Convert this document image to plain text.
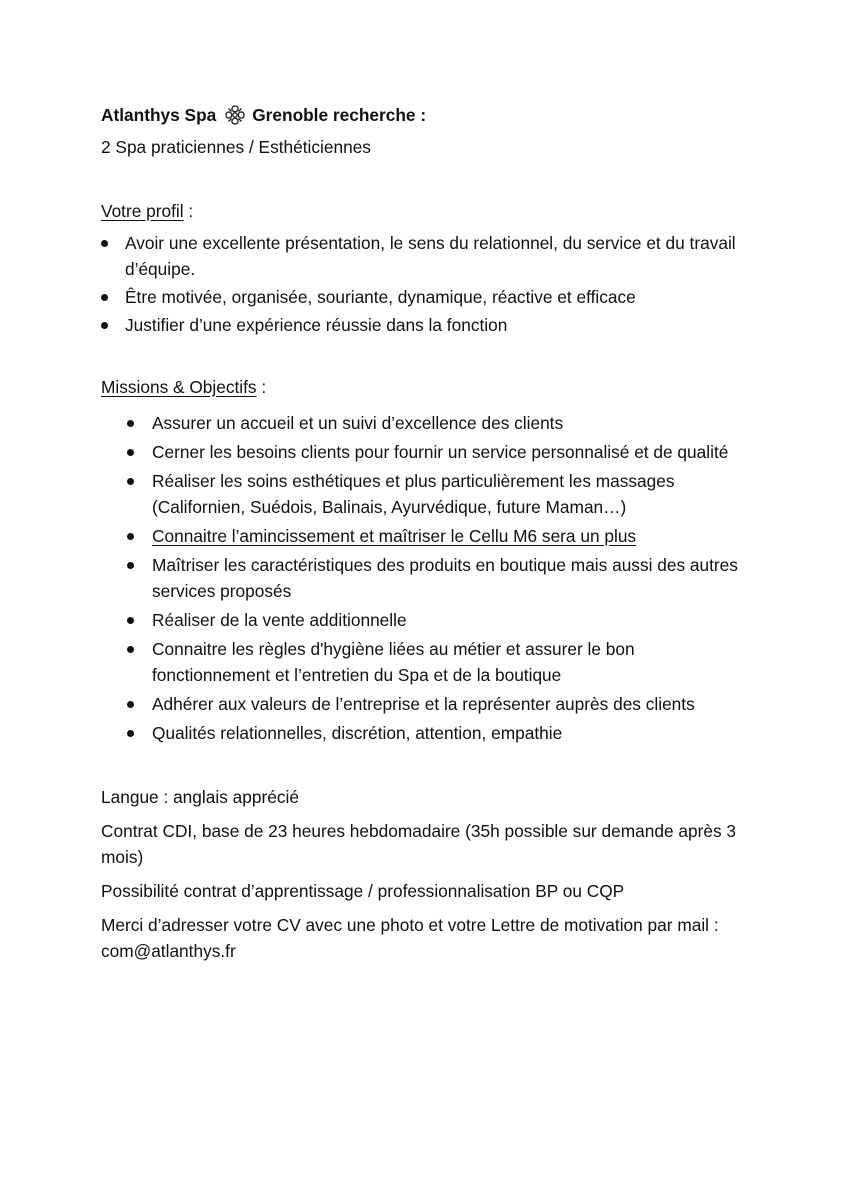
Atlanthys Spa Grenoble recherche :
2 Spa praticiennes / Esthéticiennes
Votre profil :
Avoir une excellente présentation, le sens du relationnel, du service et du travail d’équipe.
Être motivée, organisée, souriante, dynamique, réactive et efficace
Justifier d’une expérience réussie dans la fonction
Missions & Objectifs :
Assurer un accueil et un suivi d’excellence des clients
Cerner les besoins clients pour fournir un service personnalisé et de qualité
Réaliser les soins esthétiques et plus particulièrement les massages (Californien, Suédois, Balinais, Ayurvédique, future Maman…)
Connaitre l’amincissement et maîtriser le Cellu M6 sera un plus
Maîtriser les caractéristiques des produits en boutique mais aussi des autres services proposés
Réaliser de la vente additionnelle
Connaitre les règles d'hygiène liées au métier et assurer le bon fonctionnement et l’entretien du Spa et de la boutique
Adhérer aux valeurs de l’entreprise et la représenter auprès des clients
Qualités relationnelles, discrétion, attention, empathie
Langue : anglais apprécié
Contrat CDI, base de 23 heures hebdomadaire (35h possible sur demande après 3 mois)
Possibilité contrat d’apprentissage / professionnalisation BP ou CQP
Merci d’adresser votre CV avec une photo et votre Lettre de motivation par mail : com@atlanthys.fr
